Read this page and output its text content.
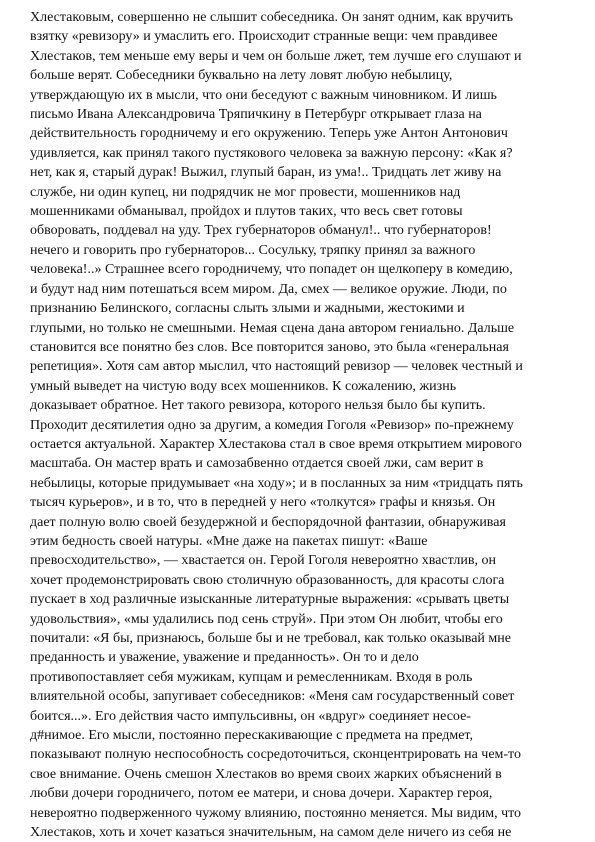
Хлестаковым, совершенно не слышит собеседника. Он занят одним, как вручить
взятку «ревизору» и умаслить его. Происходит странные вещи: чем правдивее
Хлестаков, тем меньше ему веры и чем он больше лжет, тем лучше его слушают и
больше верят. Собеседники буквально на лету ловят любую небылицу,
утверждающую их в мысли, что они беседуют с важным чиновником. И лишь
письмо Ивана Александровича Тряпичкину в Петербург открывает глаза на
действительность городничему и его окружению. Теперь уже Антон Антонович
удивляется, как принял такого пустякового человека за важную персону: «Как я?
нет, как я, старый дурак! Выжил, глупый баран, из ума!.. Тридцать лет живу на
службе, ни один купец, ни подрядчик не мог провести, мошенников над
мошенниками обманывал, пройдох и плутов таких, что весь свет готовы
обворовать, поддевал на уду. Трех губернаторов обманул!.. что губернаторов!
нечего и говорить про губернаторов... Сосульку, тряпку принял за важного
человека!..» Страшнее всего городничему, что попадет он щелкоперу в комедию,
и будут над ним потешаться всем миром. Да, смех — великое оружие. Люди, по
признанию Белинского, согласны слыть злыми и жадными, жестокими и
глупыми, но только не смешными. Немая сцена дана автором гениально. Дальше
становится все понятно без слов. Все повторится заново, это была «генеральная
репетиция». Хотя сам автор мыслил, что настоящий ревизор — человек честный и
умный выведет на чистую воду всех мошенников. К сожалению, жизнь
доказывает обратное. Нет такого ревизора, которого нельзя было бы купить.
Проходит десятилетия одно за другим, а комедия Гоголя «Ревизор» по-прежнему
остается актуальной. Характер Хлестакова стал в свое время открытием мирового
масштаба. Он мастер врать и самозабвенно отдается своей лжи, сам верит в
небылицы, которые придумывает «на ходу»; и в посланных за ним «тридцать пять
тысяч курьеров», и в то, что в передней у него «толкутся» графы и князья. Он
дает полную волю своей безудержной и беспорядочной фантазии, обнаруживая
этим бедность своей натуры. «Мне даже на пакетах пишут: «Ваше
превосходительство», — хвастается он. Герой Гоголя невероятно хвастлив, он
хочет продемонстрировать свою столичную образованность, для красоты слога
пускает в ход различные изысканные литературные выражения: «срывать цветы
удовольствия», «мы удалились под сень струй». При этом Он любит, чтобы его
почитали: «Я бы, признаюсь, больше бы и не требовал, как только оказывай мне
преданность и уважение, уважение и преданность». Он то и дело
противопоставляет себя мужикам, купцам и ремесленникам. Входя в роль
влиятельной особы, запугивает собеседников: «Меня сам государственный совет
боится...». Его действия часто импульсивны, он «вдруг» соединяет несое-
д#нимое. Его мысли, постоянно перескакивающие с предмета на предмет,
показывают полную неспособность сосредоточиться, сконцентрировать на чем-то
свое внимание. Очень смешон Хлестаков во время своих жарких объяснений в
любви дочери городничего, потом ее матери, и снова дочери. Характер героя,
невероятно подверженного чужому влиянию, постоянно меняется. Мы видим, что
Хлестаков, хоть и хочет казаться значительным, на самом деле ничего из себя не
